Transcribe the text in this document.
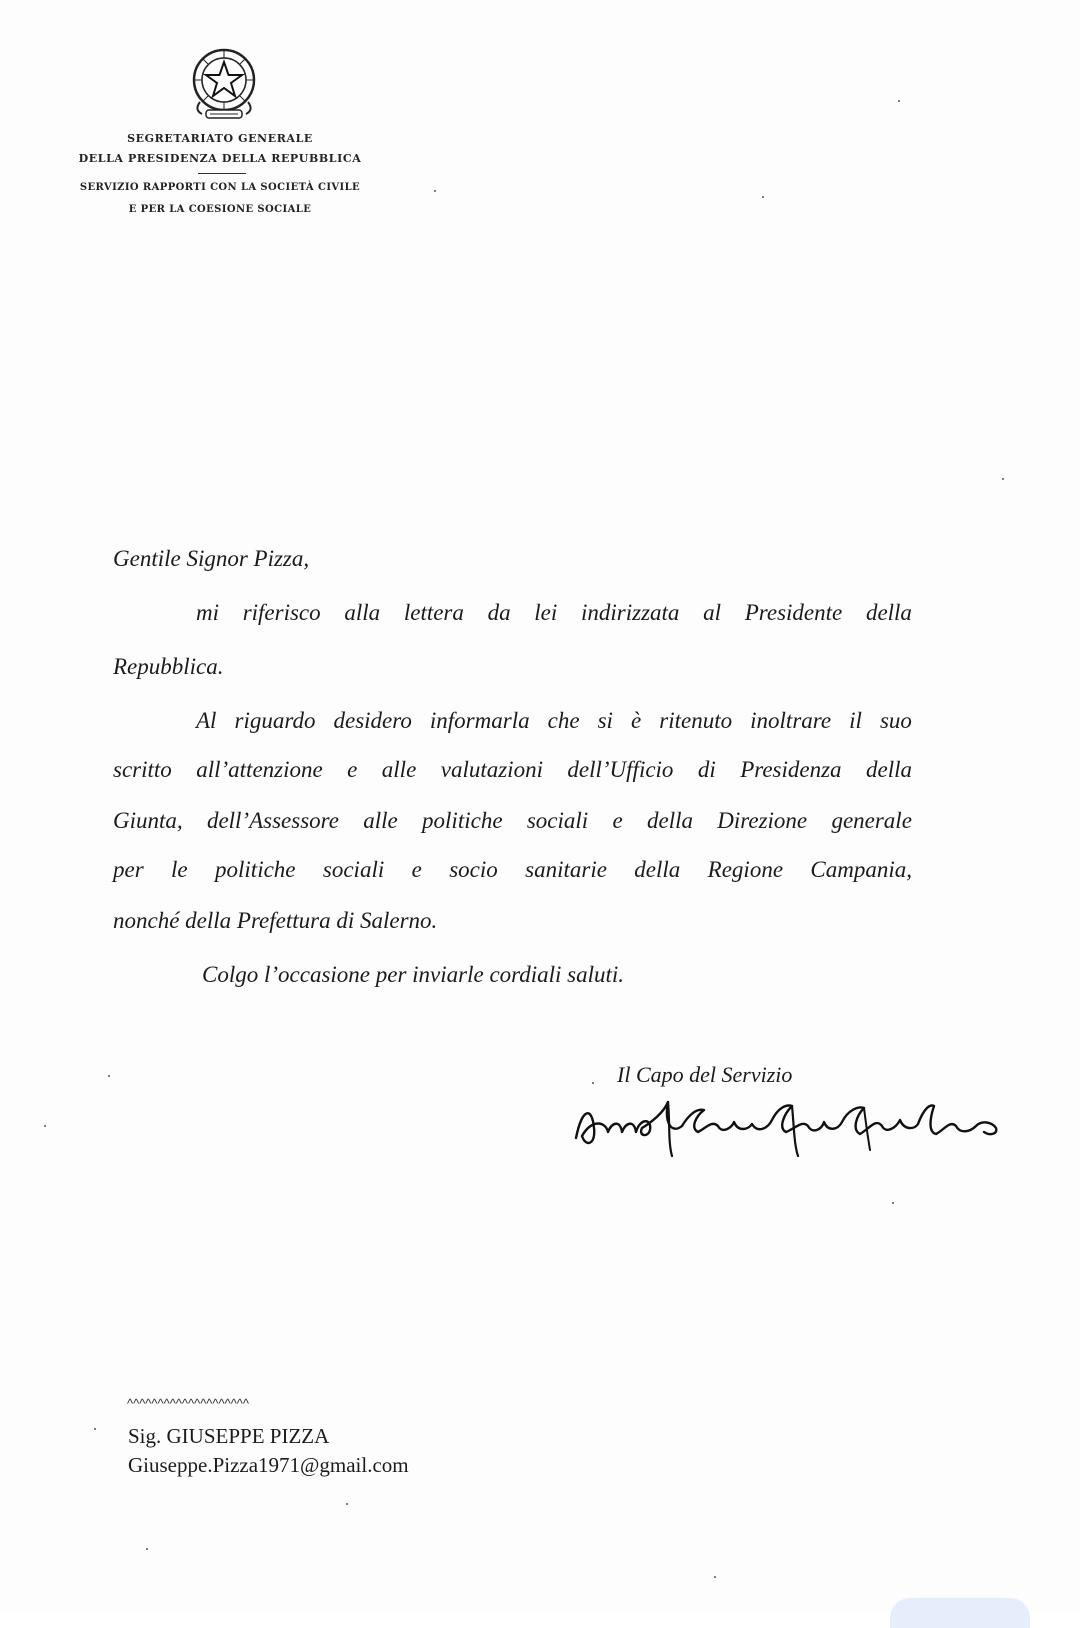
SEGRETARIATO GENERALE
DELLA PRESIDENZA DELLA REPUBBLICA
SERVIZIO RAPPORTI CON LA SOCIETÀ CIVILE
E PER LA COESIONE SOCIALE
Gentile Signor Pizza,
mi riferisco alla lettera da lei indirizzata al Presidente della
Repubblica.
Al riguardo desidero informarla che si è ritenuto inoltrare il suo
scritto all’attenzione e alle valutazioni dell’Ufficio di Presidenza della
Giunta, dell’Assessore alle politiche sociali e della Direzione generale
per le politiche sociali e socio sanitarie della Regione Campania,
nonché della Prefettura di Salerno.
Colgo l’occasione per inviarle cordiali saluti.
Il Capo del Servizio
^^^^^^^^^^^^^^^^^^^^
Sig. GIUSEPPE PIZZA
Giuseppe.Pizza1971@gmail.com
